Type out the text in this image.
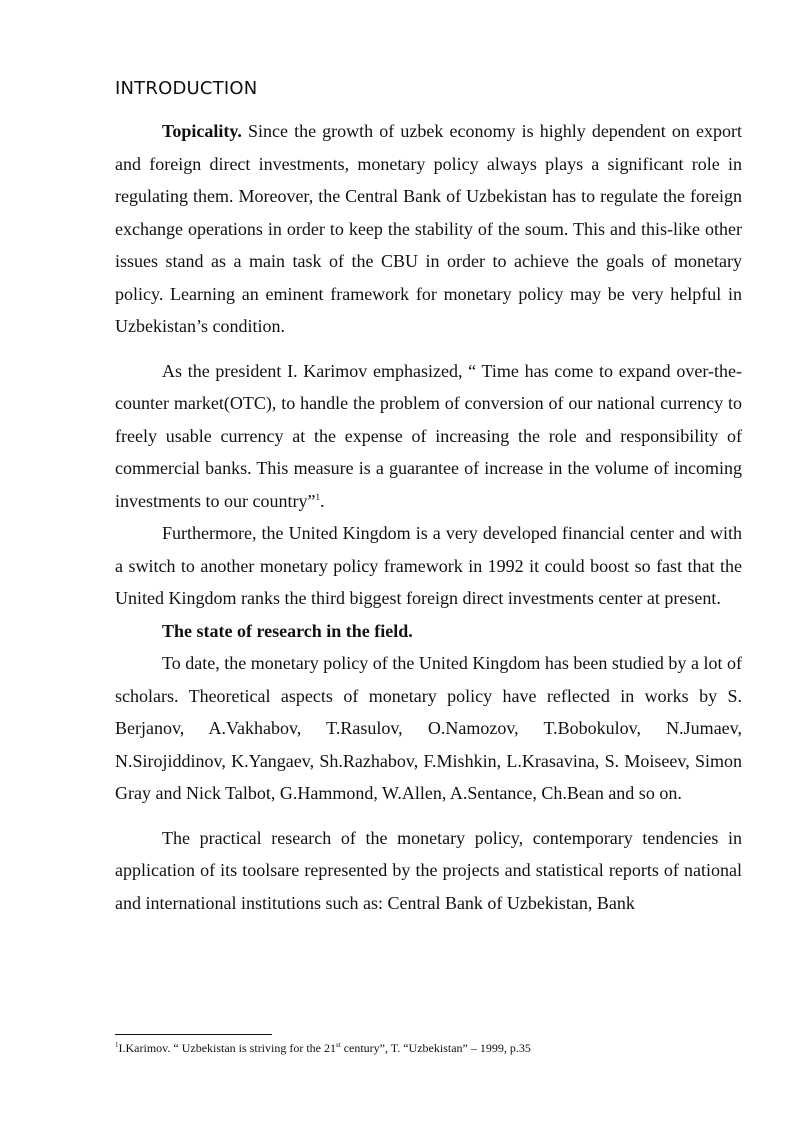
INTRODUCTION

Topicality. Since the growth of uzbek economy is highly dependent on export and foreign direct investments, monetary policy always plays a significant role in regulating them. Moreover, the Central Bank of Uzbekistan has to regulate the foreign exchange operations in order to keep the stability of the soum. This and this-like other issues stand as a main task of the CBU in order to achieve the goals of monetary policy. Learning an eminent framework for monetary policy may be very helpful in Uzbekistan’s condition.

As the president I. Karimov emphasized, “ Time has come to expand over-the-counter market(OTC), to handle the problem of conversion of our national currency to freely usable currency at the expense of increasing the role and responsibility of commercial banks. This measure is a guarantee of increase in the volume of incoming investments to our country”$^1$.

Furthermore, the United Kingdom is a very developed financial center and with a switch to another monetary policy framework in 1992 it could boost so fast that the United Kingdom ranks the third biggest foreign direct investments center at present.

The state of research in the field.

To date, the monetary policy of the United Kingdom has been studied by a lot of scholars. Theoretical aspects of monetary policy have reflected in works by S. Berjanov, A.Vakhabov, T.Rasulov, O.Namozov, T.Bobokulov, N.Jumaev, N.Sirojiddinov, K.Yangaev, Sh.Razhabov, F.Mishkin, L.Krasavina, S. Moiseev, Simon Gray and Nick Talbot, G.Hammond, W.Allen, A.Sentance, Ch.Bean and so on.

The practical research of the monetary policy, contemporary tendencies in application of its toolsare represented by the projects and statistical reports of national and international institutions such as: Central Bank of Uzbekistan, Bank

$^1$I.Karimov. “ Uzbekistan is striving for the 21st century”, T. “Uzbekistan” – 1999, p.35
